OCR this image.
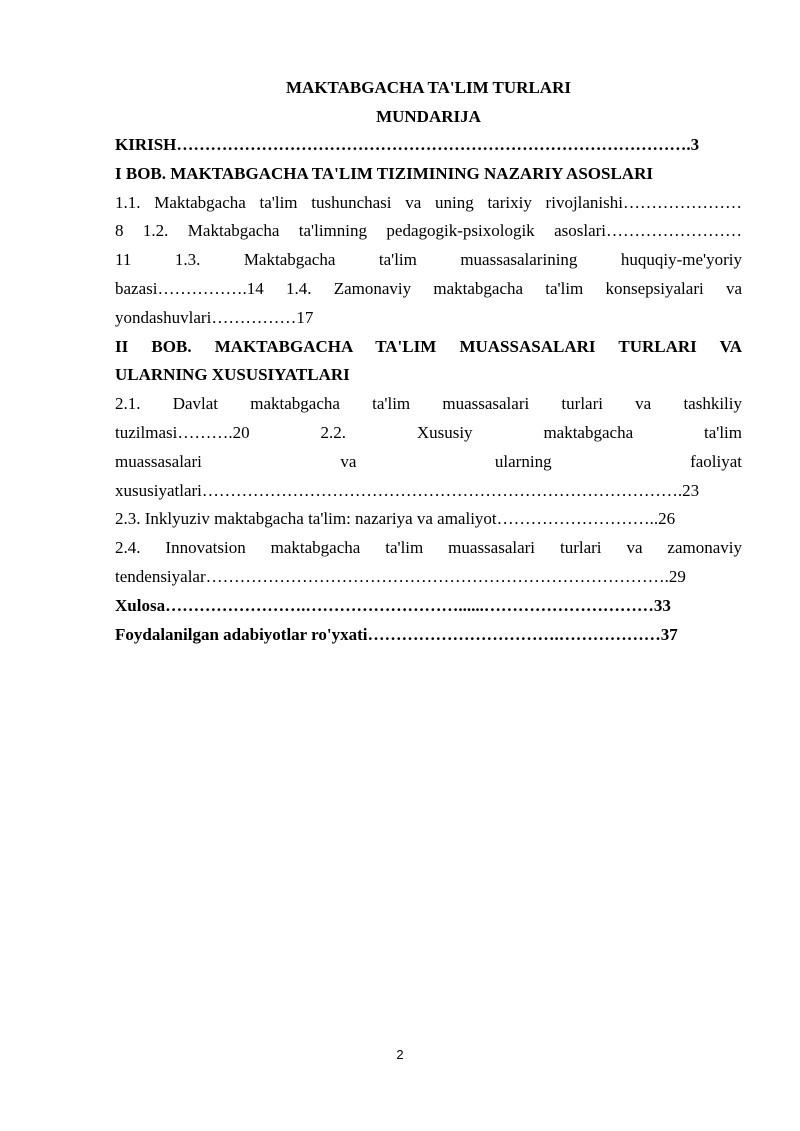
MAKTABGACHA TA'LIM TURLARI

MUNDARIJA

KIRISH……………………………………………………………………………….3

I BOB. MAKTABGACHA TA'LIM TIZIMINING NAZARIY ASOSLARI

1.1. Maktabgacha ta'lim tushunchasi va uning tarixiy rivojlanishi…………………

8 1.2. Maktabgacha ta'limning pedagogik-psixologik asoslari……………………

11 1.3. Maktabgacha ta'lim muassasalarining huquqiy-me'yoriy

bazasi…………….14 1.4. Zamonaviy maktabgacha ta'lim konsepsiyalari va

yondashuvlari……………17

II BOB. MAKTABGACHA TA'LIM MUASSASALARI TURLARI VA

ULARNING XUSUSIYATLARI

2.1. Davlat maktabgacha ta'lim muassasalari turlari va tashkiliy

tuzilmasi……….20 2.2. Xususiy maktabgacha ta'lim

muassasalari va ularning faoliyat

xususiyatlari………………………………………………………………………….23

2.3. Inklyuziv maktabgacha ta'lim: nazariya va amaliyot………………………..26

2.4. Innovatsion maktabgacha ta'lim muassasalari turlari va zamonaviy

tendensiyalar……………………………………………………………………….29

Xulosa…………………….………………………......…………………………33

Foydalanilgan adabiyotlar ro'yxati…………………………….………………37

2
